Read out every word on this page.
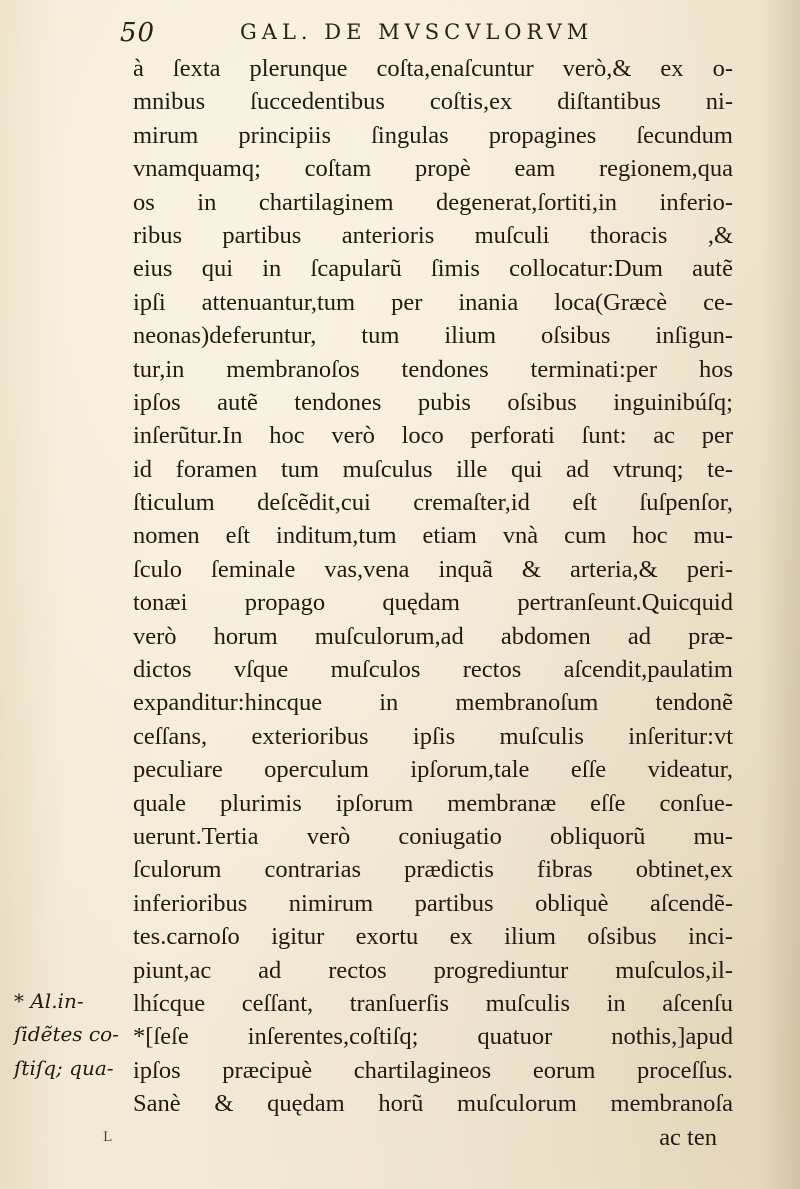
50	GAL. DE MVSCVLORVM
à ſexta plerunque coſta,enaſcuntur verò,& ex o-
mnibus ſuccedentibus coſtis,ex diſtantibus ni-
mirum principiis ſingulas propagines ſecundum
vnamquamq; coſtam propè eam regionem,qua
os in chartilaginem degenerat,ſortiti,in inferio-
ribus partibus anterioris muſculi thoracis ,&
eius qui in ſcapularũ ſimis collocatur:Dum autẽ
ipſi attenuantur,tum per inania loca(Græcè ce-
neonas)deferuntur, tum ilium oſsibus inſigun-
tur,in membranoſos tendones terminati:per hos
ipſos autẽ tendones pubis oſsibus inguinibúſq;
inſerũtur.In hoc verò loco perforati ſunt: ac per
id foramen tum muſculus ille qui ad vtrunq; te-
ſticulum deſcẽdit,cui cremaſter,id eſt ſuſpenſor,
nomen eſt inditum,tum etiam vnà cum hoc mu-
ſculo ſeminale vas,vena inquã & arteria,& peri-
tonæi propago quędam pertranſeunt.Quicquid
verò horum muſculorum,ad abdomen ad præ-
dictos vſque muſculos rectos aſcendit,paulatim
expanditur:hincque in membranoſum tendonẽ
ceſſans, exterioribus ipſis muſculis inſeritur:vt
peculiare operculum ipſorum,tale eſſe videatur,
quale plurimis ipſorum membranæ eſſe conſue-
uerunt.Tertia verò coniugatio obliquorũ mu-
ſculorum contrarias prædictis fibras obtinet,ex
inferioribus nimirum partibus obliquè aſcendẽ-
tes.carnoſo igitur exortu ex ilium oſsibus inci-
piunt,ac ad rectos progrediuntur muſculos,il-
lhícque ceſſant, tranſuerſis muſculis in aſcenſu
*[ſeſe inſerentes,coſtiſq; quatuor nothis,]apud
ipſos præcipuè chartilagineos eorum proceſſus.
Sanè & quędam horũ muſculorum membranoſa
ac ten
* Al.in-
ſidẽtes co-
ſtiſq; qua-
L
